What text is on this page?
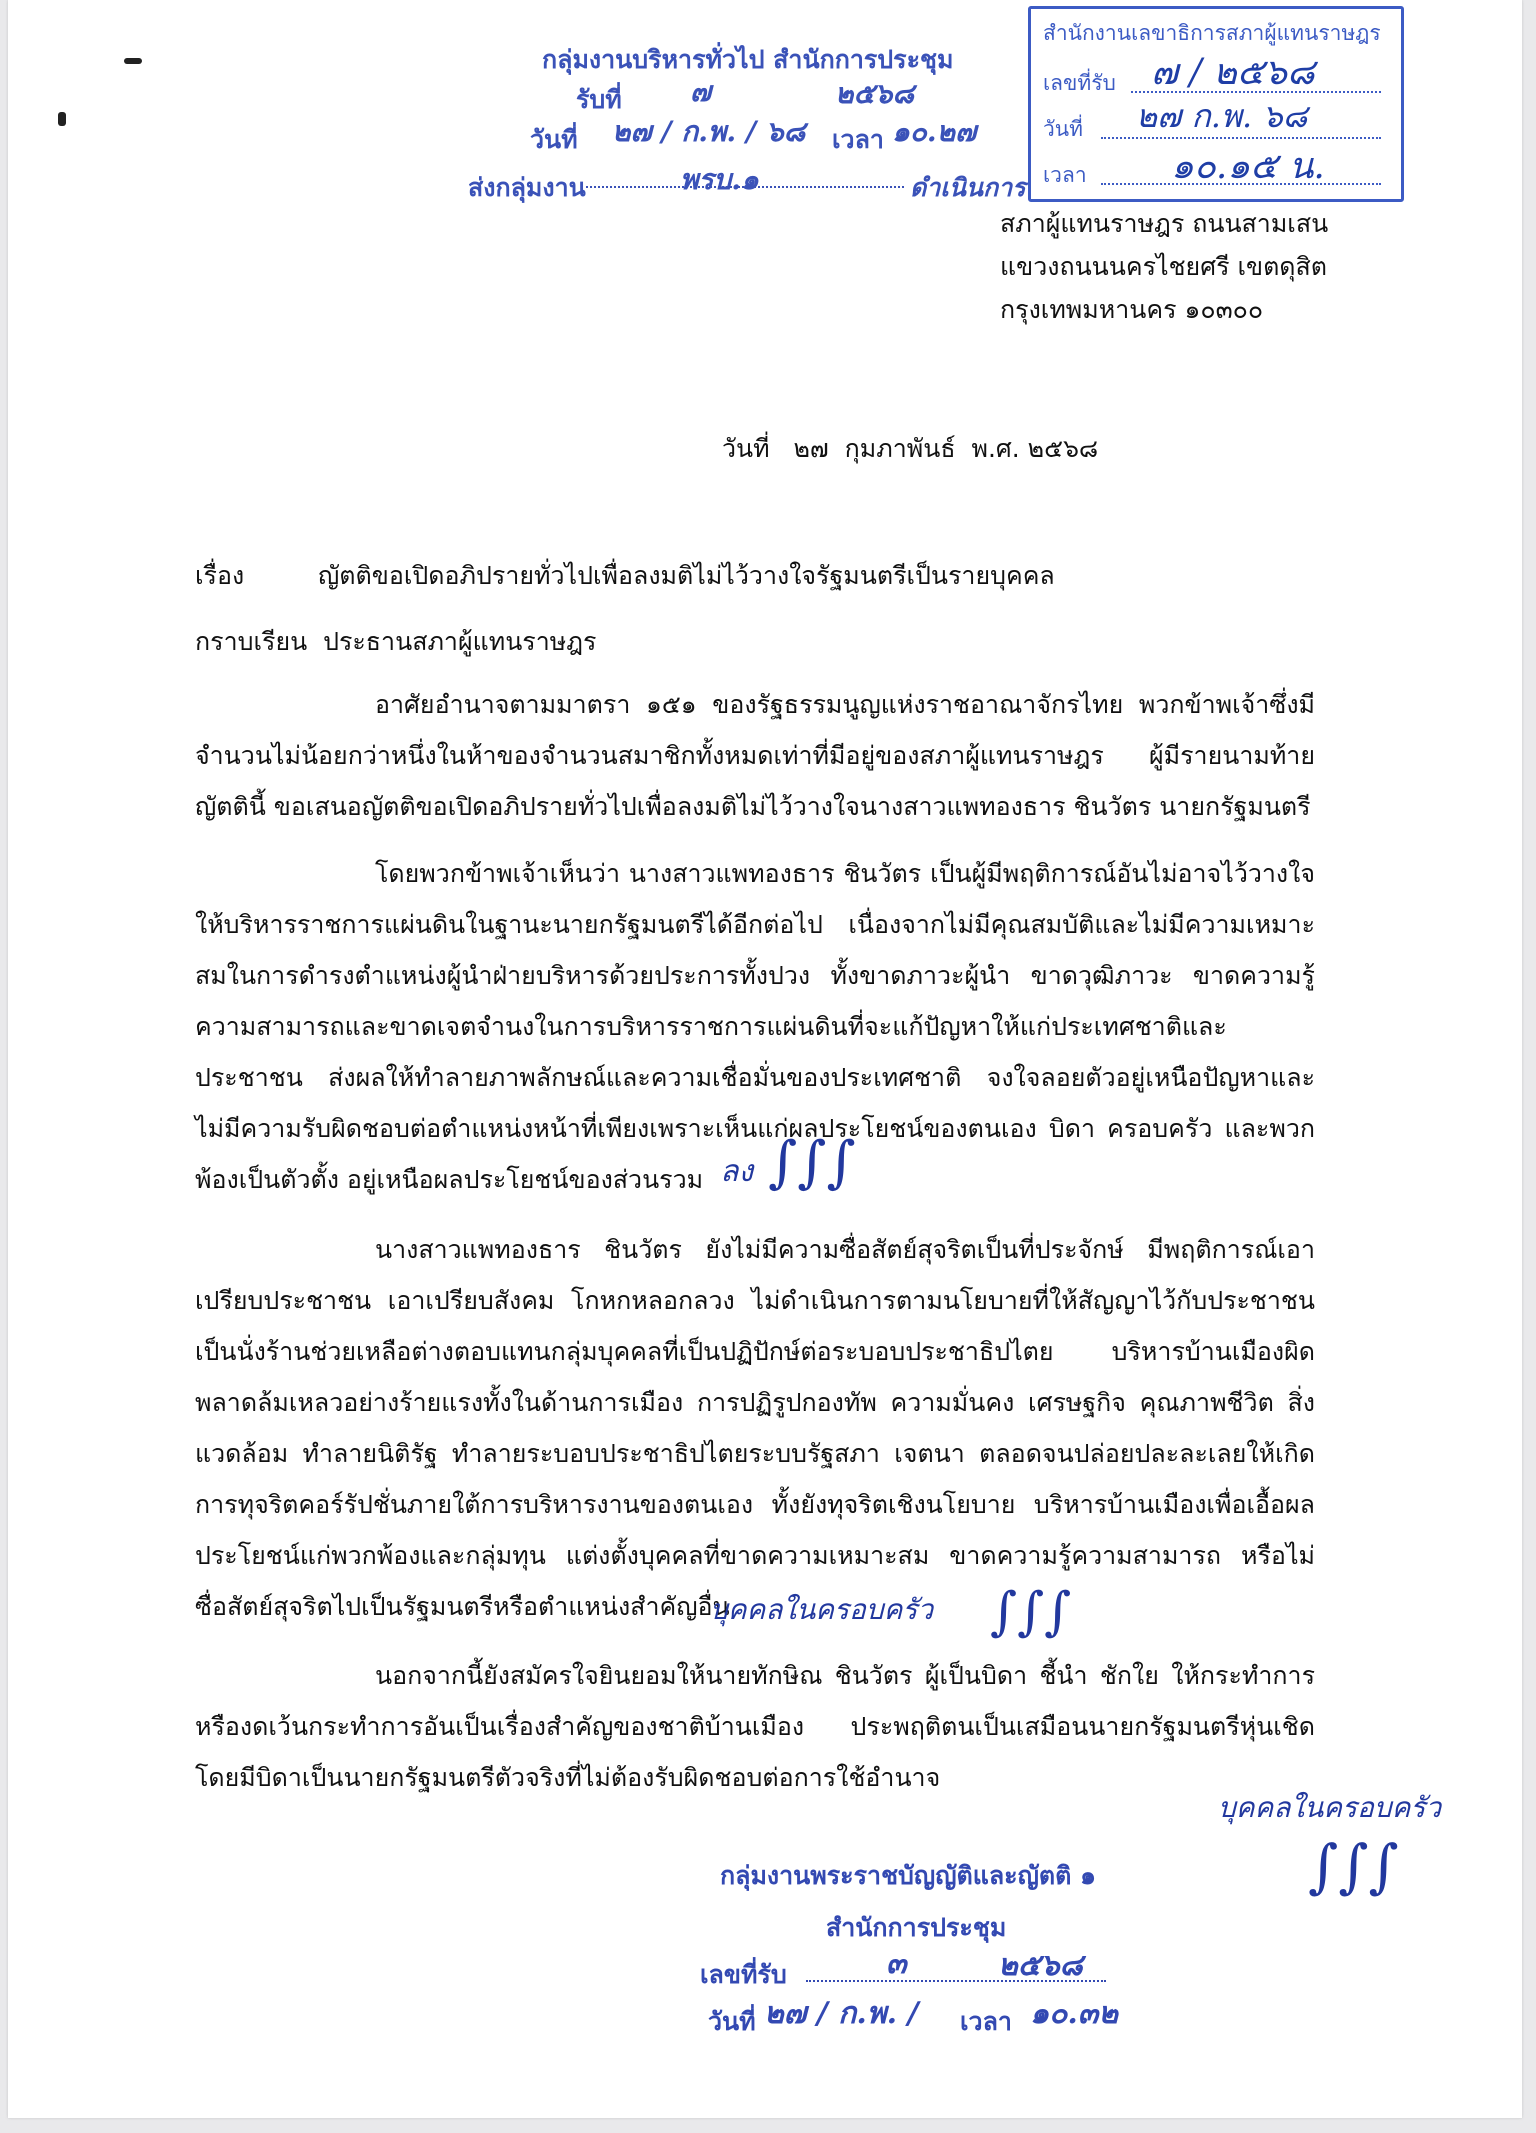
กลุ่มงานบริหารทั่วไป สำนักการประชุม
รับที่ ๗	๒๕๖๘
วันที่ ๒๗ / ก.พ. / ๖๘ เวลา ๑๐.๒๗
ส่งกลุ่มงาน	พรบ.๑	ดำเนินการ
สำนักงานเลขาธิการสภาผู้แทนราษฎร
เลขที่รับ ๗ / ๒๕๖๘
วันที่ ๒๗ ก.พ. ๖๘
เวลา ๑๐.๑๕ น.
สภาผู้แทนราษฎร ถนนสามเสน
แขวงถนนนครไชยศรี เขตดุสิต
กรุงเทพมหานคร ๑๐๓๐๐
วันที่   ๒๗  กุมภาพันธ์  พ.ศ. ๒๕๖๘
เรื่อง	ญัตติขอเปิดอภิปรายทั่วไปเพื่อลงมติไม่ไว้วางใจรัฐมนตรีเป็นรายบุคคล
กราบเรียน  ประธานสภาผู้แทนราษฎร
อาศัยอำนาจตามมาตรา ๑๕๑ ของรัฐธรรมนูญแห่งราชอาณาจักรไทย พวกข้าพเจ้าซึ่งมีจำนวนไม่น้อยกว่าหนึ่งในห้าของจำนวนสมาชิกทั้งหมดเท่าที่มีอยู่ของสภาผู้แทนราษฎร ผู้มีรายนามท้ายญัตตินี้ ขอเสนอญัตติขอเปิดอภิปรายทั่วไปเพื่อลงมติไม่ไว้วางใจนางสาวแพทองธาร ชินวัตร นายกรัฐมนตรี
โดยพวกข้าพเจ้าเห็นว่า นางสาวแพทองธาร ชินวัตร เป็นผู้มีพฤติการณ์อันไม่อาจไว้วางใจให้บริหารราชการแผ่นดินในฐานะนายกรัฐมนตรีได้อีกต่อไป เนื่องจากไม่มีคุณสมบัติและไม่มีความเหมาะสมในการดำรงตำแหน่งผู้นำฝ่ายบริหารด้วยประการทั้งปวง ทั้งขาดภาวะผู้นำ ขาดวุฒิภาวะ ขาดความรู้ความสามารถและขาดเจตจำนงในการบริหารราชการแผ่นดินที่จะแก้ปัญหาให้แก่ประเทศชาติและประชาชน ส่งผลให้ทำลายภาพลักษณ์และความเชื่อมั่นของประเทศชาติ จงใจลอยตัวอยู่เหนือปัญหาและไม่มีความรับผิดชอบต่อตำแหน่งหน้าที่เพียงเพราะเห็นแก่ผลประโยชน์ของตนเอง บิดา ครอบครัว และพวกพ้องเป็นตัวตั้ง อยู่เหนือผลประโยชน์ของส่วนรวม ลง ∫∫∫
นางสาวแพทองธาร ชินวัตร ยังไม่มีความซื่อสัตย์สุจริตเป็นที่ประจักษ์ มีพฤติการณ์เอาเปรียบประชาชน เอาเปรียบสังคม โกหกหลอกลวง ไม่ดำเนินการตามนโยบายที่ให้สัญญาไว้กับประชาชน เป็นนั่งร้านช่วยเหลือต่างตอบแทนกลุ่มบุคคลที่เป็นปฏิปักษ์ต่อระบอบประชาธิปไตย บริหารบ้านเมืองผิดพลาดล้มเหลวอย่างร้ายแรงทั้งในด้านการเมือง การปฏิรูปกองทัพ ความมั่นคง เศรษฐกิจ คุณภาพชีวิต สิ่งแวดล้อม ทำลายนิติรัฐ ทำลายระบอบประชาธิปไตยระบบรัฐสภา เจตนา ตลอดจนปล่อยปละละเลยให้เกิดการทุจริตคอร์รัปชั่นภายใต้การบริหารงานของตนเอง ทั้งยังทุจริตเชิงนโยบาย บริหารบ้านเมืองเพื่อเอื้อผลประโยชน์แก่พวกพ้องและกลุ่มทุน แต่งตั้งบุคคลที่ขาดความเหมาะสม ขาดความรู้ความสามารถ หรือไม่ซื่อสัตย์สุจริตไปเป็นรัฐมนตรีหรือตำแหน่งสำคัญอื่น
บุคคลในครอบครัว ∫∫∫
นอกจากนี้ยังสมัครใจยินยอมให้นายทักษิณ ชินวัตร ผู้เป็นบิดา ชี้นำ ชักใย ให้กระทำการหรืองดเว้นกระทำการอันเป็นเรื่องสำคัญของชาติบ้านเมือง ประพฤติตนเป็นเสมือนนายกรัฐมนตรีหุ่นเชิด โดยมีบิดาเป็นนายกรัฐมนตรีตัวจริงที่ไม่ต้องรับผิดชอบต่อการใช้อำนาจ
บุคคลในครอบครัว
∫∫∫
กลุ่มงานพระราชบัญญัติและญัตติ ๑
สำนักการประชุม
เลขที่รับ	๓	๒๕๖๘
วันที่ ๒๗ / ก.พ. / เวลา ๑๐.๓๒
